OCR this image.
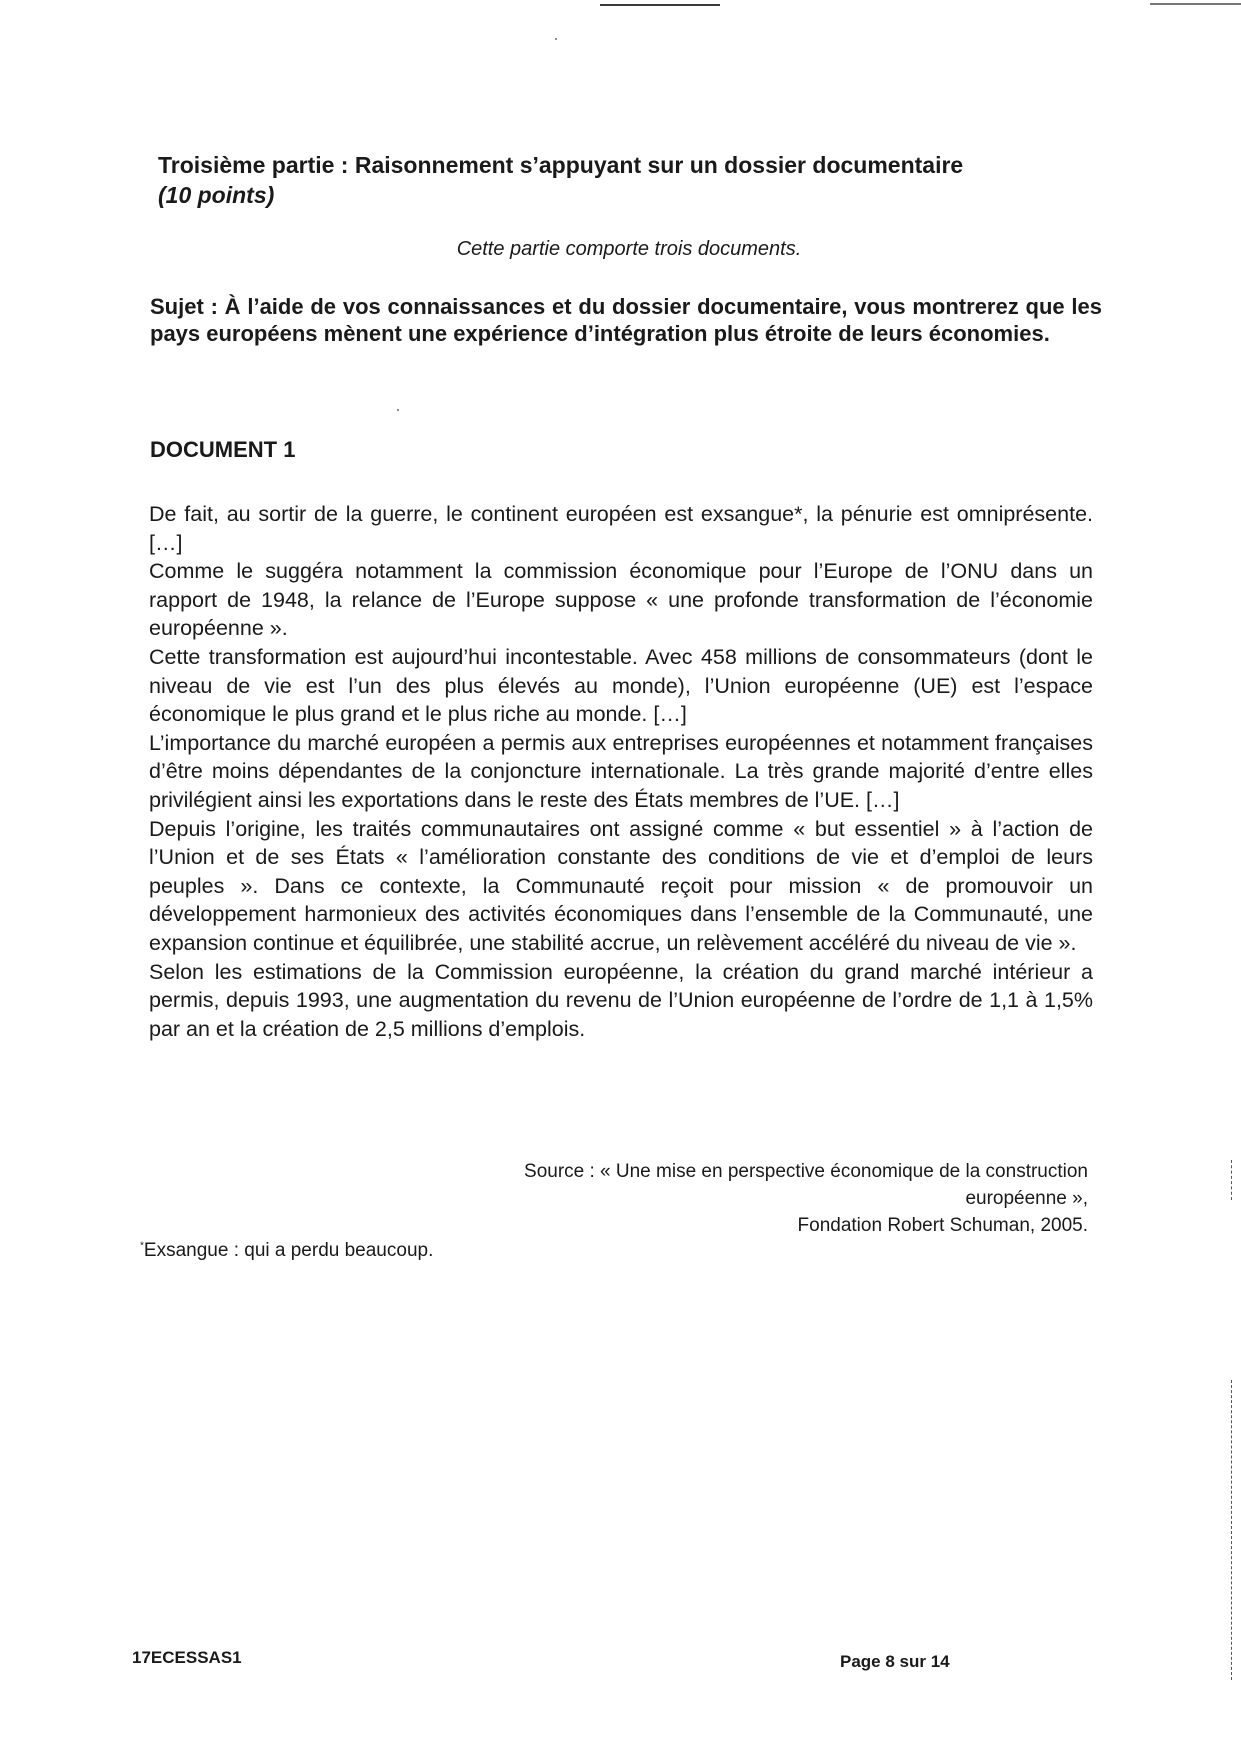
Troisième partie : Raisonnement s’appuyant sur un dossier documentaire
(10 points)
Cette partie comporte trois documents.
Sujet : À l’aide de vos connaissances et du dossier documentaire, vous montrerez que les pays européens mènent une expérience d’intégration plus étroite de leurs économies.
DOCUMENT 1

De fait, au sortir de la guerre, le continent européen est exsangue*, la pénurie est omniprésente. […]

Comme le suggéra notamment la commission économique pour l’Europe de l’ONU dans un rapport de 1948, la relance de l’Europe suppose « une profonde transformation de l’économie européenne ».

Cette transformation est aujourd’hui incontestable. Avec 458 millions de consommateurs (dont le niveau de vie est l’un des plus élevés au monde), l’Union européenne (UE) est l’espace économique le plus grand et le plus riche au monde. […]

L’importance du marché européen a permis aux entreprises européennes et notamment françaises d’être moins dépendantes de la conjoncture internationale. La très grande majorité d’entre elles privilégient ainsi les exportations dans le reste des États membres de l’UE. […]

Depuis l’origine, les traités communautaires ont assigné comme « but essentiel » à l’action de l’Union et de ses États « l’amélioration constante des conditions de vie et d’emploi de leurs peuples ». Dans ce contexte, la Communauté reçoit pour mission « de promouvoir un développement harmonieux des activités économiques dans l’ensemble de la Communauté, une expansion continue et équilibrée, une stabilité accrue, un relèvement accéléré du niveau de vie ».

Selon les estimations de la Commission européenne, la création du grand marché intérieur a permis, depuis 1993, une augmentation du revenu de l’Union européenne de l’ordre de 1,1 à 1,5% par an et la création de 2,5 millions d’emplois.

Source : « Une mise en perspective économique de la construction européenne »,
Fondation Robert Schuman, 2005.
*Exsangue : qui a perdu beaucoup.
17ECESSAS1	Page 8 sur 14
